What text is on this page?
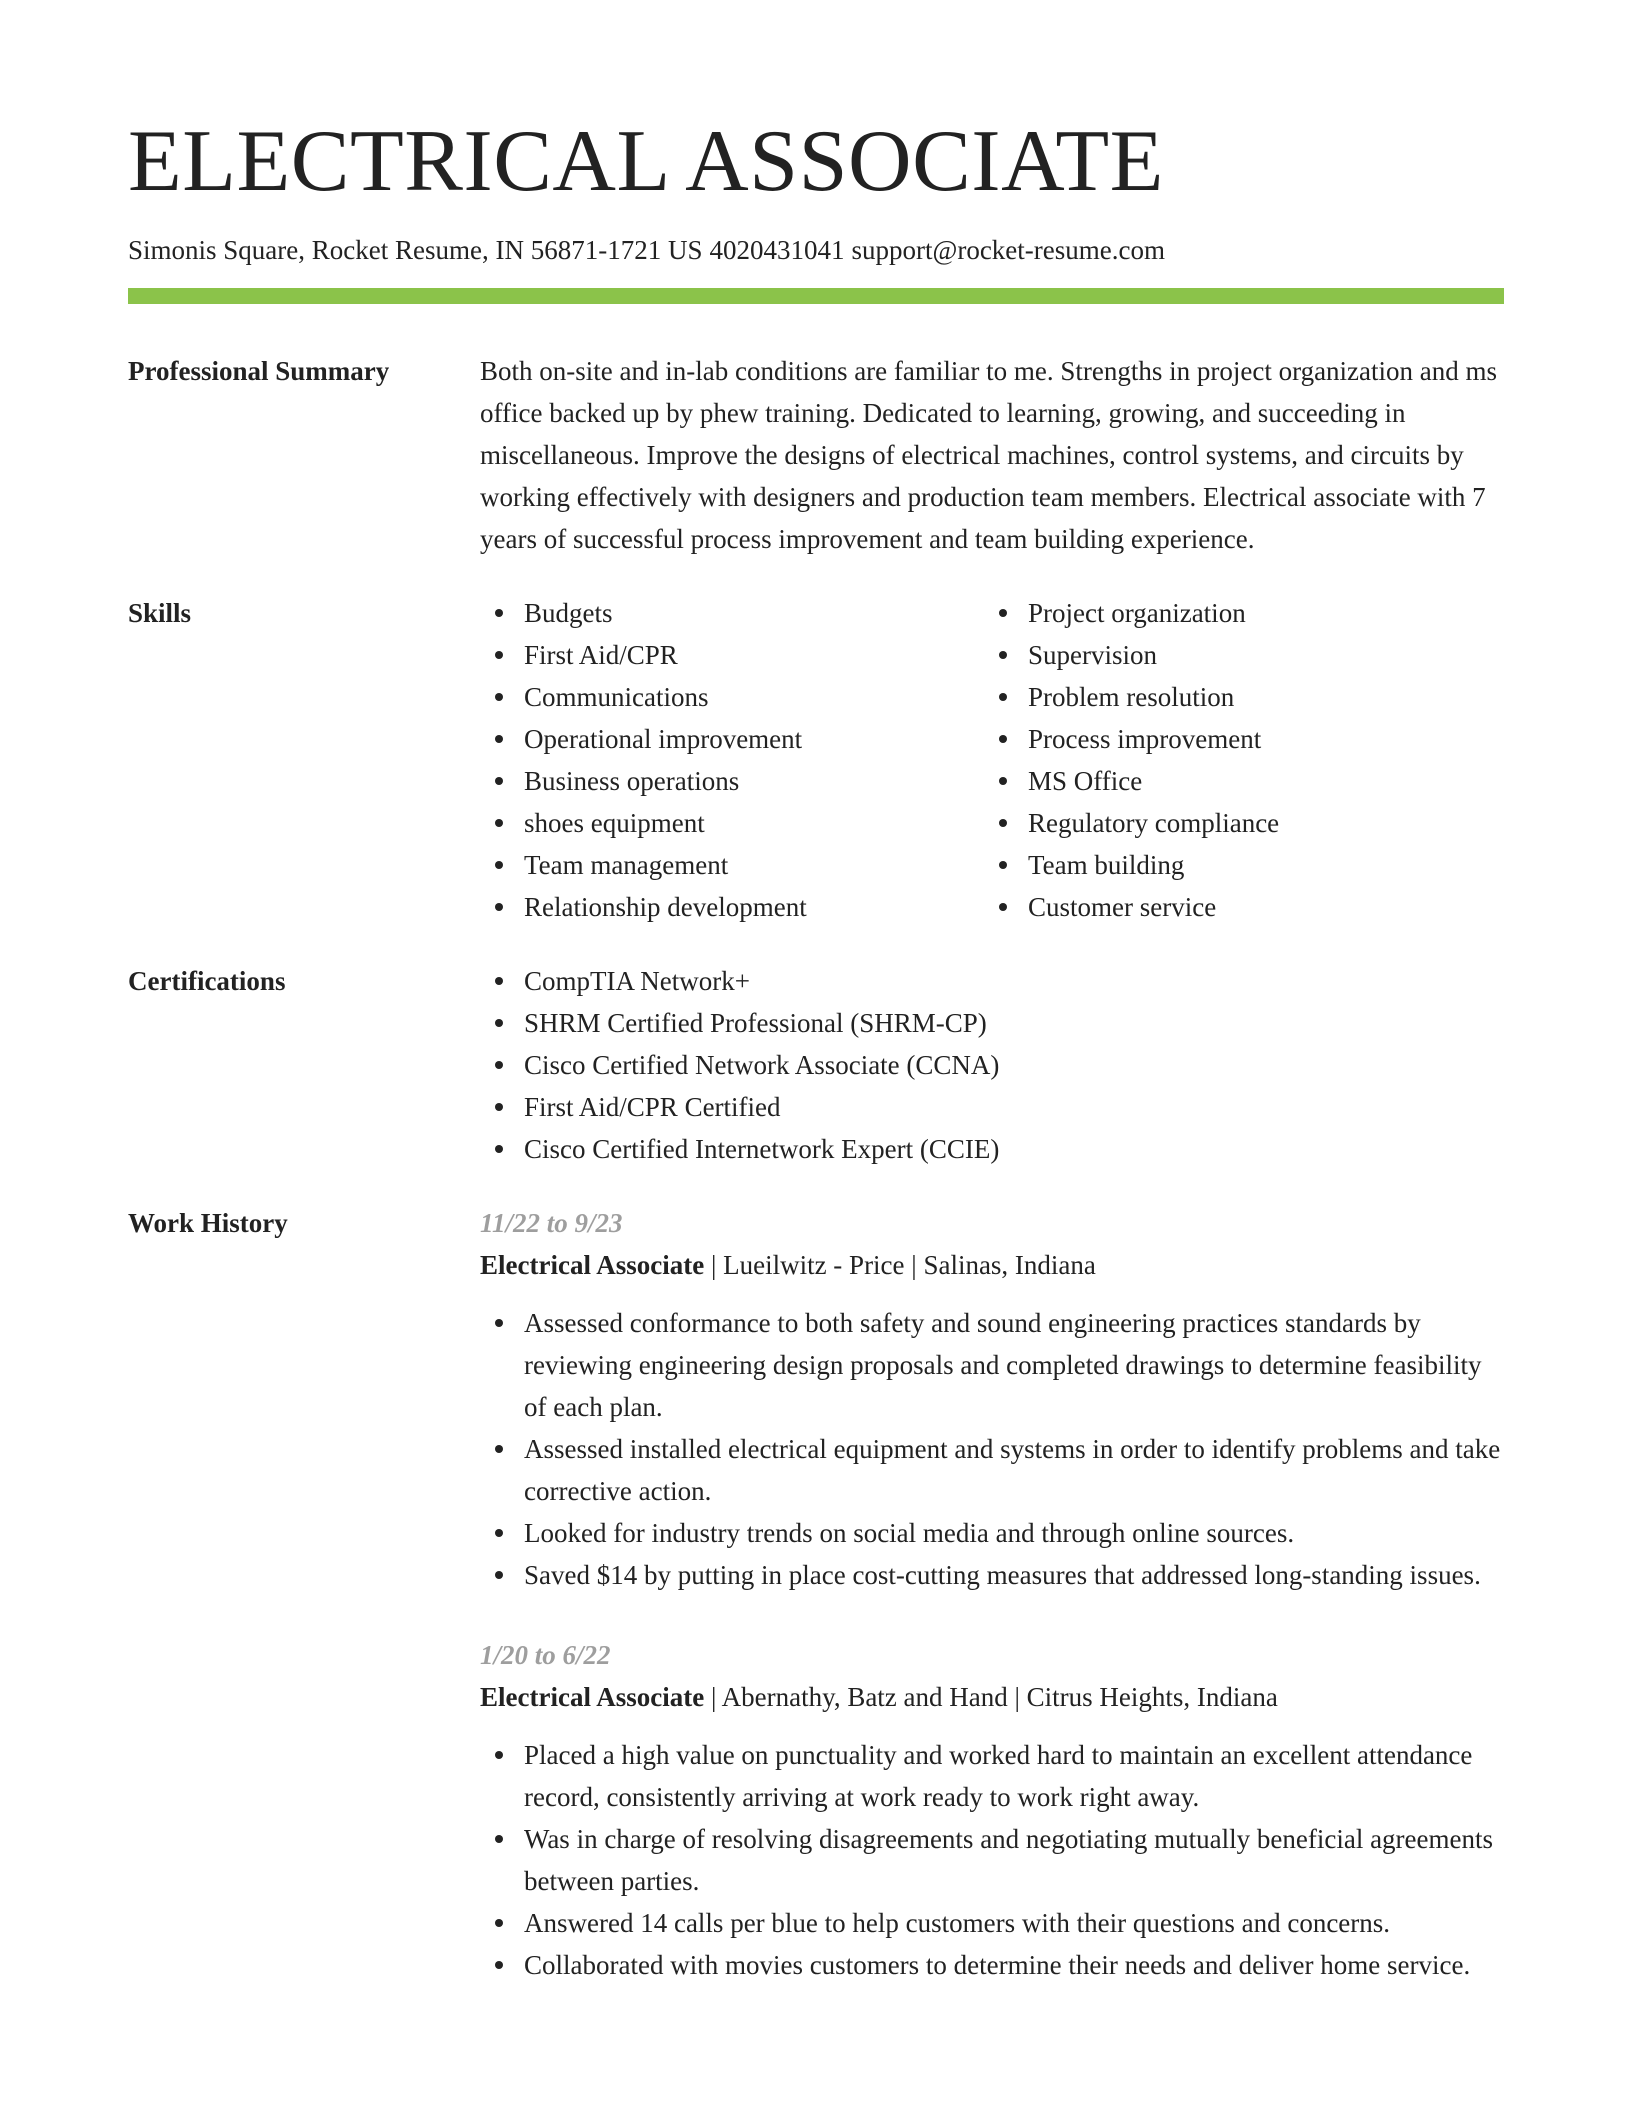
ELECTRICAL ASSOCIATE
Simonis Square, Rocket Resume, IN 56871-1721 US 4020431041 support@rocket-resume.com
Professional Summary	Both on-site and in-lab conditions are familiar to me. Strengths in project organization and ms office backed up by phew training. Dedicated to learning, growing, and succeeding in miscellaneous. Improve the designs of electrical machines, control systems, and circuits by working effectively with designers and production team members. Electrical associate with 7 years of successful process improvement and team building experience.
Skills	Budgets
First Aid/CPR
Communications
Operational improvement
Business operations
shoes equipment
Team management
Relationship development
Project organization
Supervision
Problem resolution
Process improvement
MS Office
Regulatory compliance
Team building
Customer service
Certifications	CompTIA Network+
SHRM Certified Professional (SHRM-CP)
Cisco Certified Network Associate (CCNA)
First Aid/CPR Certified
Cisco Certified Internetwork Expert (CCIE)
Work History	11/22 to 9/23
Electrical Associate | Lueilwitz - Price | Salinas, Indiana
Assessed conformance to both safety and sound engineering practices standards by reviewing engineering design proposals and completed drawings to determine feasibility of each plan.
Assessed installed electrical equipment and systems in order to identify problems and take corrective action.
Looked for industry trends on social media and through online sources.
Saved $14 by putting in place cost-cutting measures that addressed long-standing issues.
1/20 to 6/22
Electrical Associate | Abernathy, Batz and Hand | Citrus Heights, Indiana
Placed a high value on punctuality and worked hard to maintain an excellent attendance record, consistently arriving at work ready to work right away.
Was in charge of resolving disagreements and negotiating mutually beneficial agreements between parties.
Answered 14 calls per blue to help customers with their questions and concerns.
Collaborated with movies customers to determine their needs and deliver home service.
